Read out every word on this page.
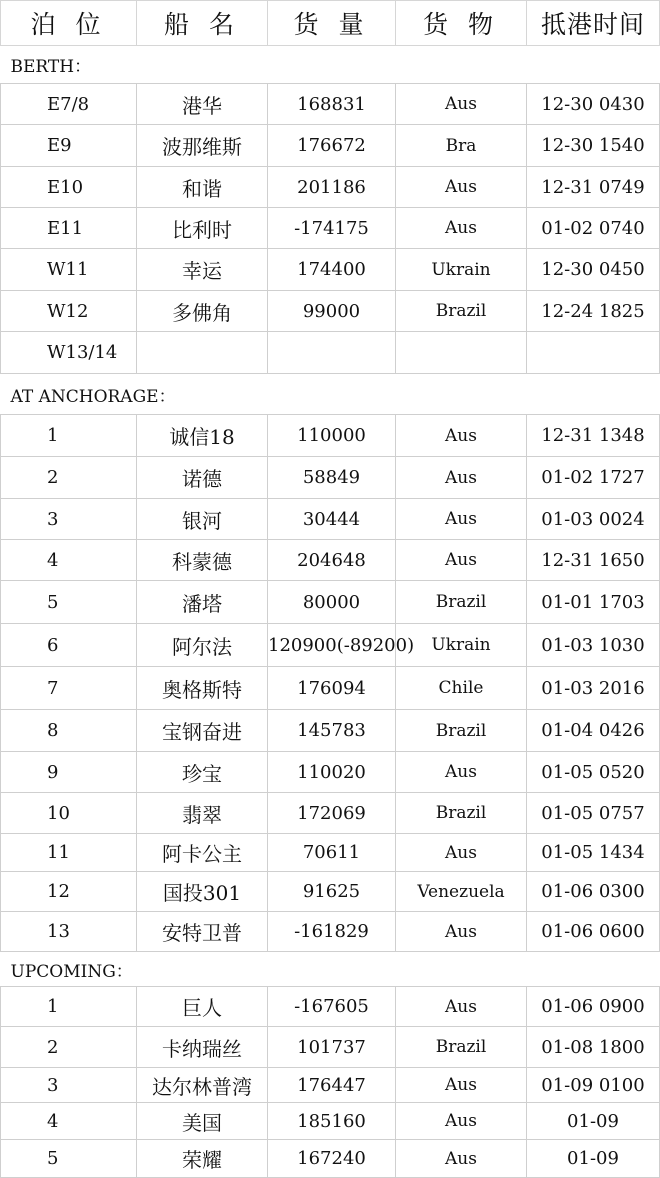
泊 位	船 名	货 量	货 物	抵港时间
BERTH：				
E7/8	港华	168831	Aus	12-30 0430
E9	波那维斯	176672	Bra	12-30 1540
E10	和谐	201186	Aus	12-31 0749
E11	比利时	-174175	Aus	01-02 0740
W11	幸运	174400	Ukrain	12-30 0450
W12	多佛角	99000	Brazil	12-24 1825
W13/14				
AT ANCHORAGE：				
1	诚信18	110000	Aus	12-31 1348
2	诺德	58849	Aus	01-02 1727
3	银河	30444	Aus	01-03 0024
4	科蒙德	204648	Aus	12-31 1650
5	潘塔	80000	Brazil	01-01 1703
6	阿尔法	120900(-89200)	Ukrain	01-03 1030
7	奥格斯特	176094	Chile	01-03 2016
8	宝钢奋进	145783	Brazil	01-04 0426
9	珍宝	110020	Aus	01-05 0520
10	翡翠	172069	Brazil	01-05 0757
11	阿卡公主	70611	Aus	01-05 1434
12	国投301	91625	Venezuela	01-06 0300
13	安特卫普	-161829	Aus	01-06 0600
UPCOMING：				
1	巨人	-167605	Aus	01-06 0900
2	卡纳瑞丝	101737	Brazil	01-08 1800
3	达尔林普湾	176447	Aus	01-09 0100
4	美国	185160	Aus	01-09
5	荣耀	167240	Aus	01-09
